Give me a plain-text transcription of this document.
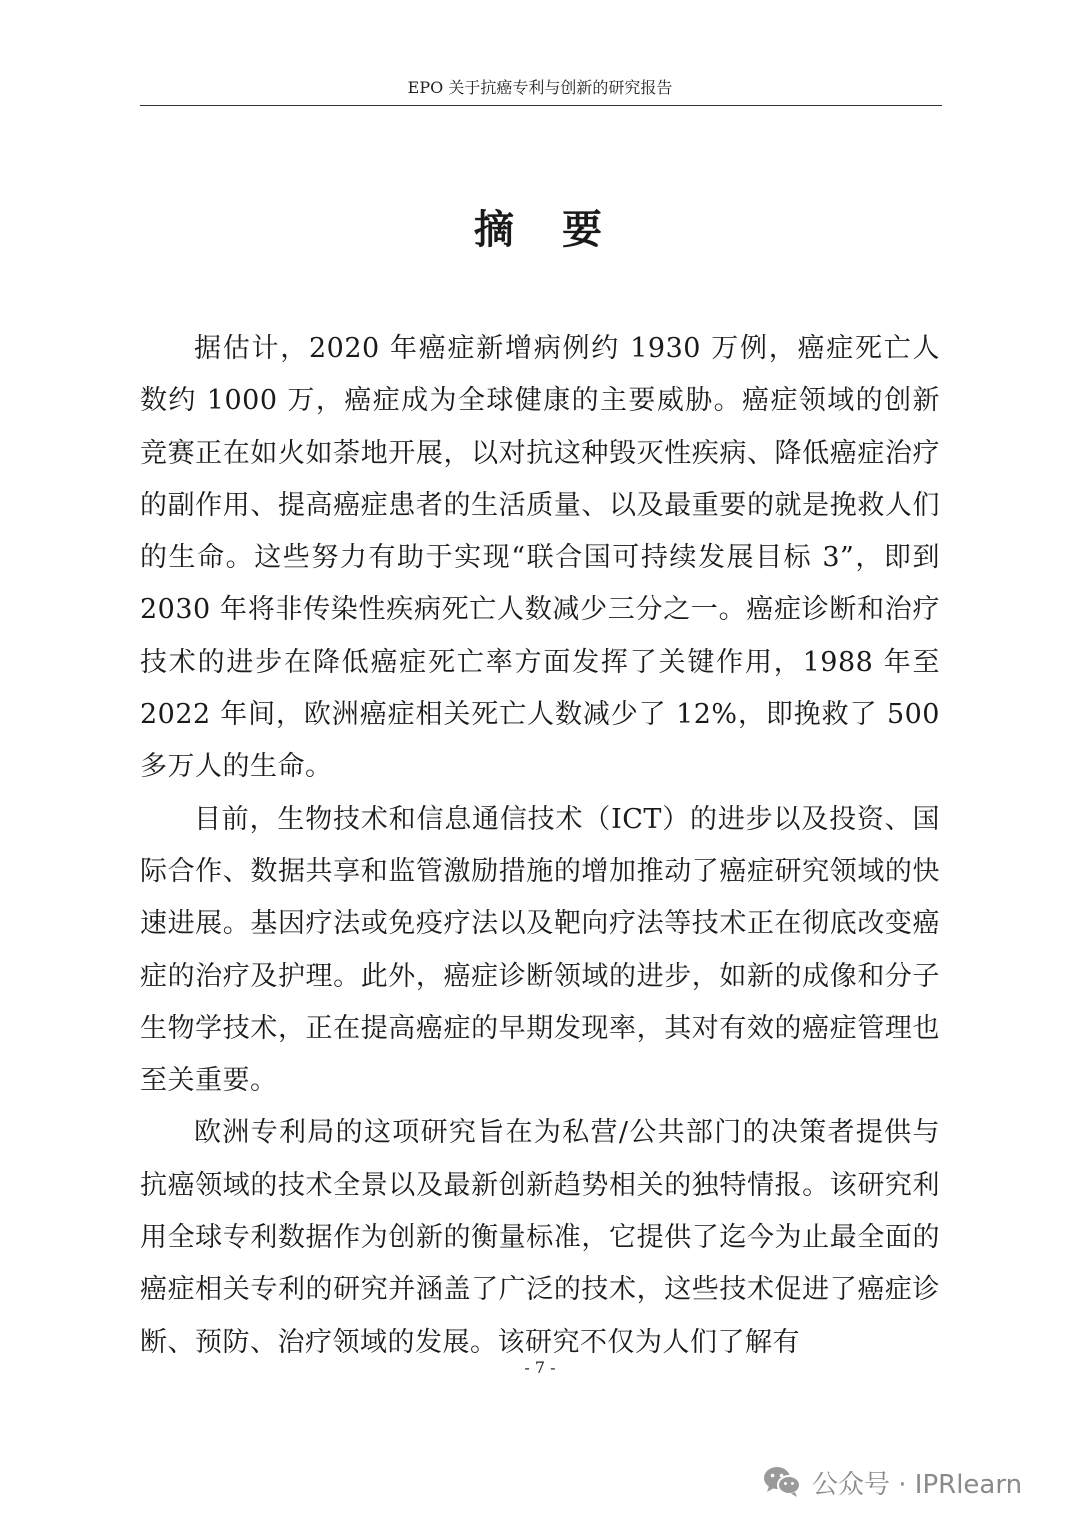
EPO 关于抗癌专利与创新的研究报告
摘　要

据估计，2020 年癌症新增病例约 1930 万例，癌症死亡人数约 1000 万，癌症成为全球健康的主要威胁。癌症领域的创新竞赛正在如火如荼地开展，以对抗这种毁灭性疾病、降低癌症治疗的副作用、提高癌症患者的生活质量、以及最重要的就是挽救人们的生命。这些努力有助于实现“联合国可持续发展目标 3”，即到 2030 年将非传染性疾病死亡人数减少三分之一。癌症诊断和治疗技术的进步在降低癌症死亡率方面发挥了关键作用，1988 年至 2022 年间，欧洲癌症相关死亡人数减少了 12%，即挽救了 500 多万人的生命。

目前，生物技术和信息通信技术（ICT）的进步以及投资、国际合作、数据共享和监管激励措施的增加推动了癌症研究领域的快速进展。基因疗法或免疫疗法以及靶向疗法等技术正在彻底改变癌症的治疗及护理。此外，癌症诊断领域的进步，如新的成像和分子生物学技术，正在提高癌症的早期发现率，其对有效的癌症管理也至关重要。

欧洲专利局的这项研究旨在为私营/公共部门的决策者提供与抗癌领域的技术全景以及最新创新趋势相关的独特情报。该研究利用全球专利数据作为创新的衡量标准，它提供了迄今为止最全面的癌症相关专利的研究并涵盖了广泛的技术，这些技术促进了癌症诊断、预防、治疗领域的发展。该研究不仅为人们了解有

- 7 -
公众号 · IPRlearn
